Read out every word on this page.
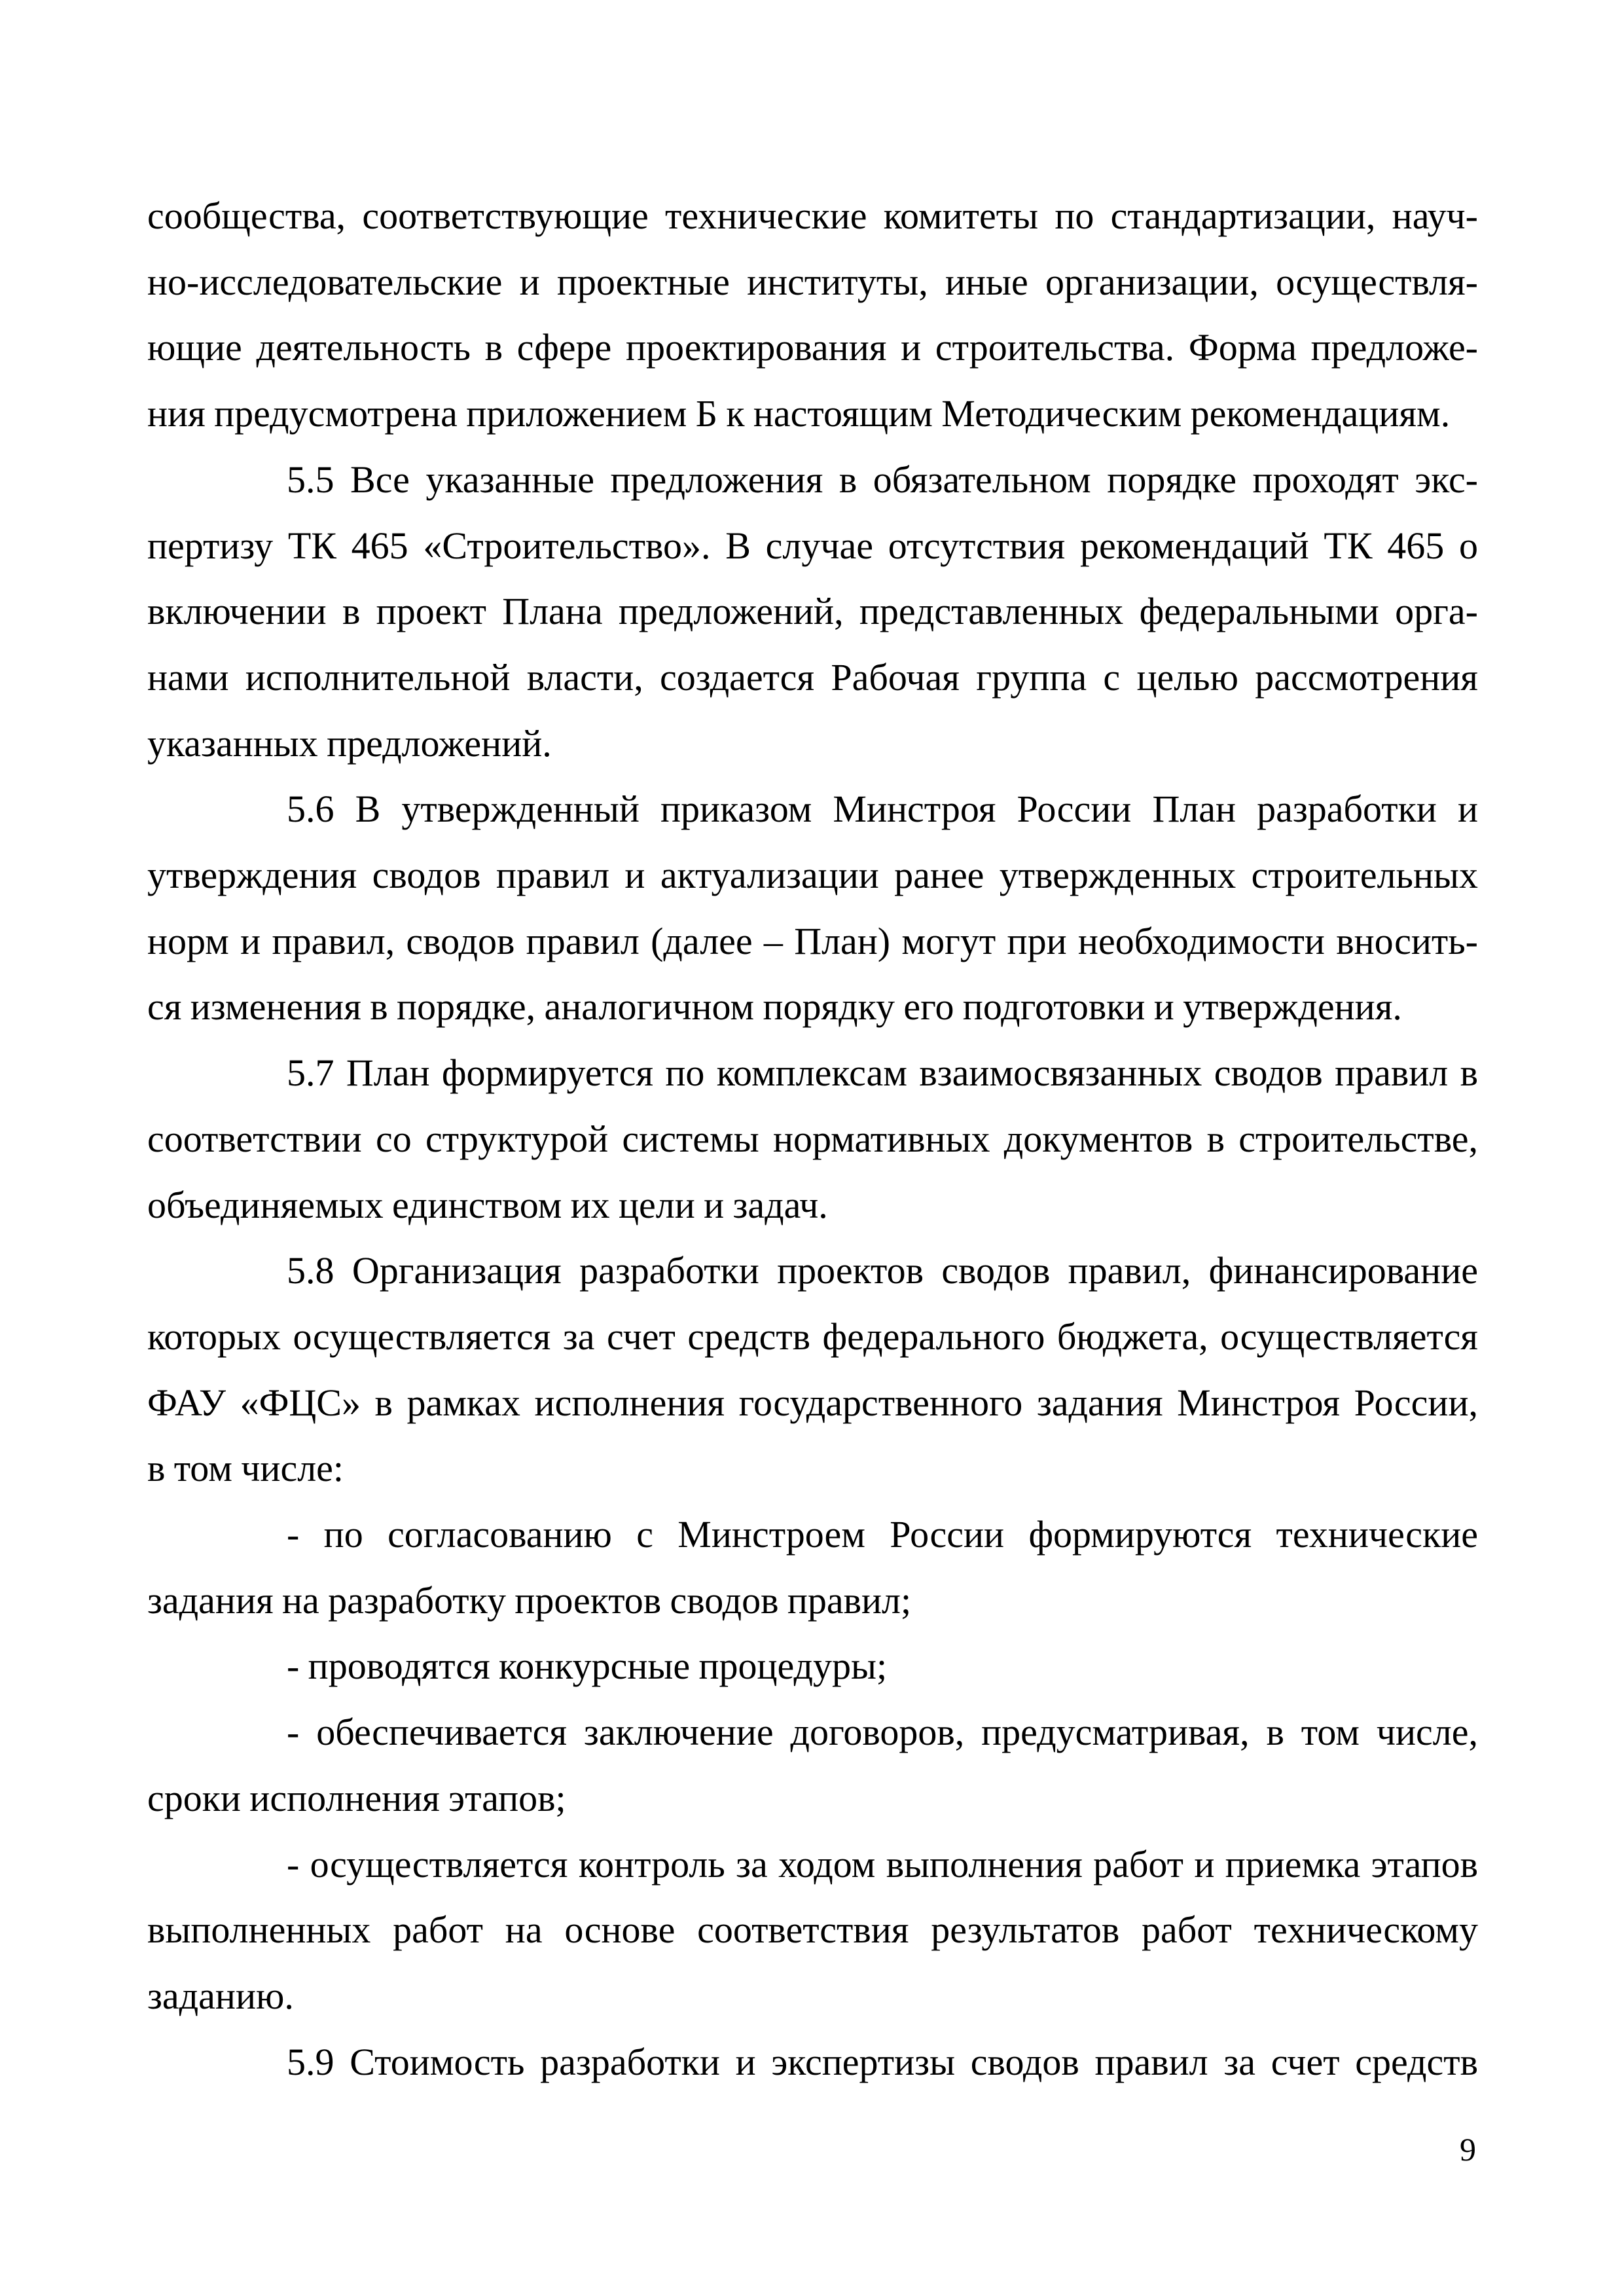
сообщества, соответствующие технические комитеты по стандартизации, науч-
но-исследовательские и проектные институты, иные организации, осуществля-
ющие деятельность в сфере проектирования и строительства. Форма предложе-
ния предусмотрена приложением Б к настоящим Методическим рекомендациям.
5.5 Все указанные предложения в обязательном порядке проходят экс-
пертизу ТК 465 «Строительство». В случае отсутствия рекомендаций ТК 465 о
включении в проект Плана предложений, представленных федеральными орга-
нами исполнительной власти, создается Рабочая группа с целью рассмотрения
указанных предложений.
5.6 В утвержденный приказом Минстроя России План разработки и
утверждения сводов правил и актуализации ранее утвержденных строительных
норм и правил, сводов правил (далее – План) могут при необходимости вносить-
ся изменения в порядке, аналогичном порядку его подготовки и утверждения.
5.7 План формируется по комплексам взаимосвязанных сводов правил в
соответствии со структурой системы нормативных документов в строительстве,
объединяемых единством их цели и задач.
5.8 Организация разработки проектов сводов правил, финансирование
которых осуществляется за счет средств федерального бюджета, осуществляется
ФАУ «ФЦС» в рамках исполнения государственного задания Минстроя России,
в том числе:
- по согласованию с Минстроем России формируются технические
задания на разработку проектов сводов правил;
- проводятся конкурсные процедуры;
- обеспечивается заключение договоров, предусматривая, в том числе,
сроки исполнения этапов;
- осуществляется контроль за ходом выполнения работ и приемка этапов
выполненных работ на основе соответствия результатов работ техническому
заданию.
5.9 Стоимость разработки и экспертизы сводов правил за счет средств
9
